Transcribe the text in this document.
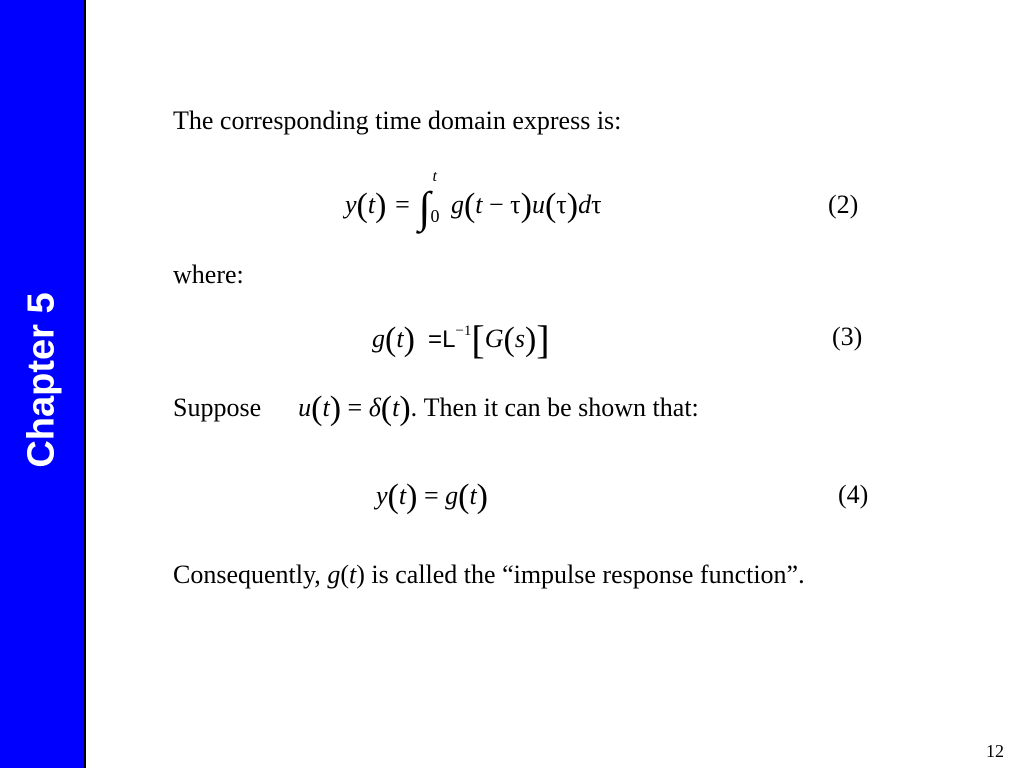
Chapter 5
The corresponding time domain express is:
y(t)  =  ∫
t
0 g(t − τ)u(τ)dτ	(2)
where:
$g(t) =L^{-1}[G(s)]$	(3)
Suppose u(t) = δ(t). Then it can be shown that:
y(t) = g(t)	(4)
Consequently, g(t) is called the “impulse response function”.
12
